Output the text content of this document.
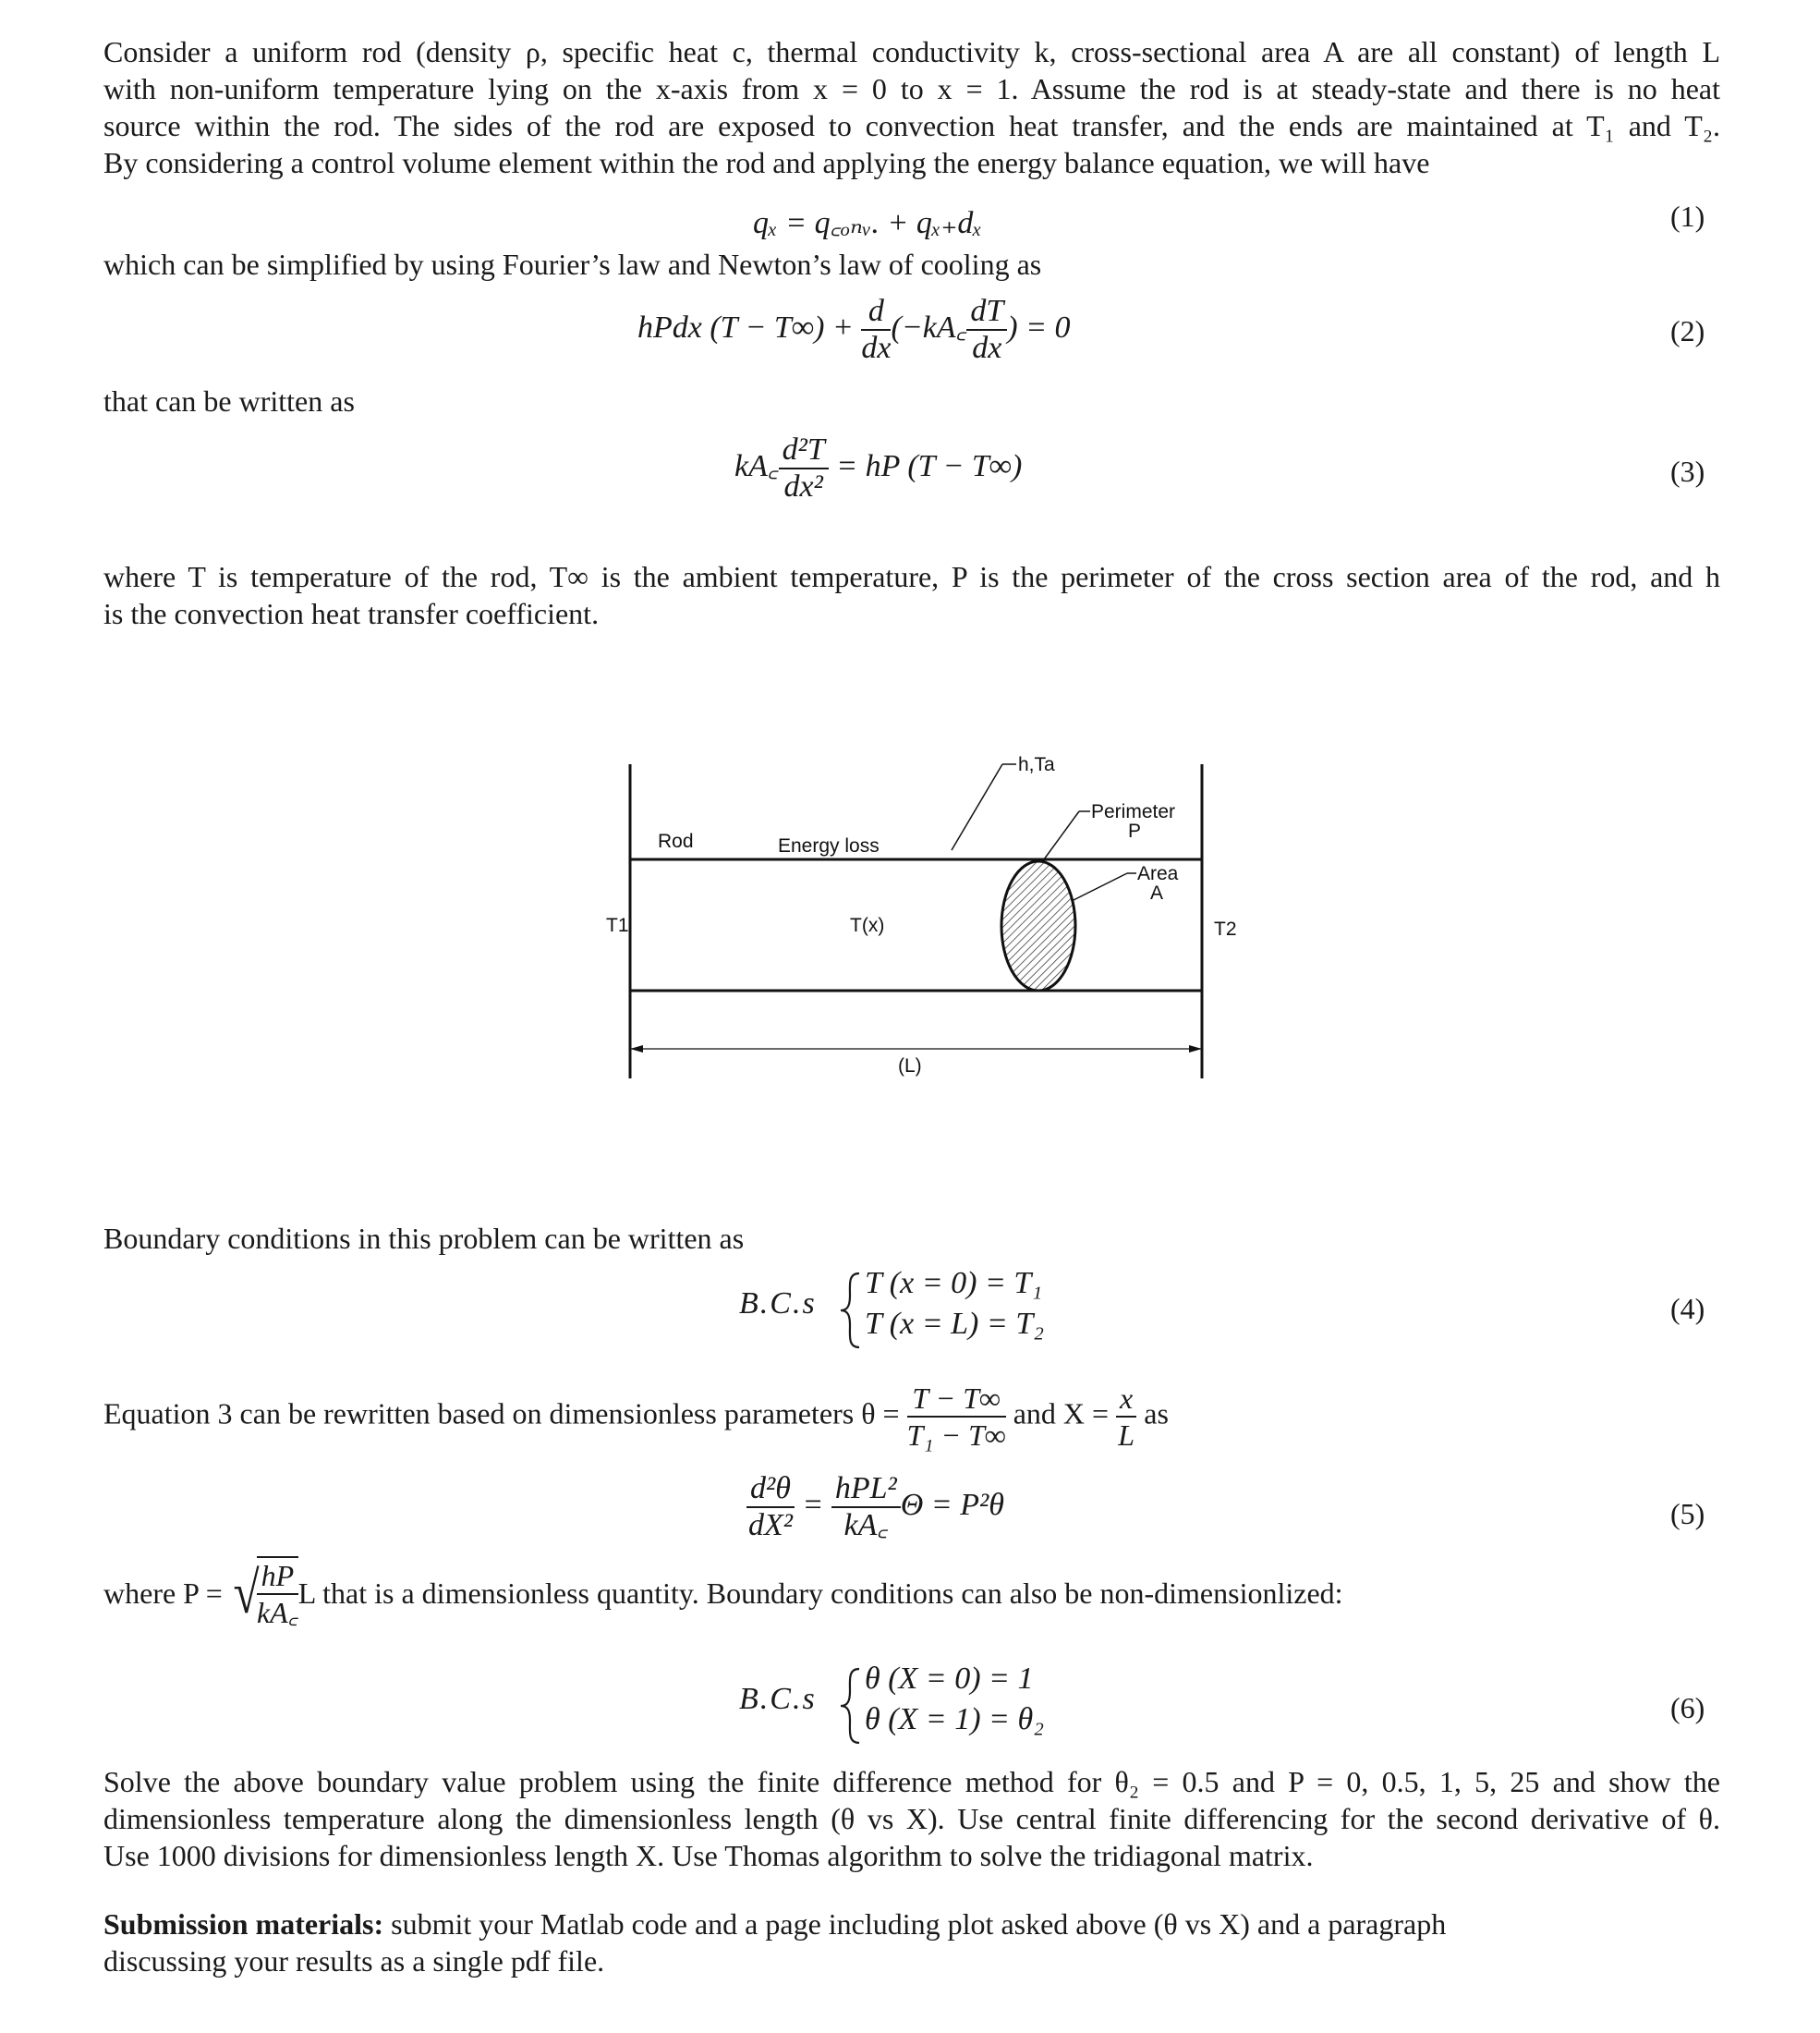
Consider a uniform rod (density ρ, specific heat c, thermal conductivity k, cross-sectional area A are all constant) of length L
with non-uniform temperature lying on the x-axis from x = 0 to x = 1. Assume the rod is at steady-state and there is no heat
source within the rod. The sides of the rod are exposed to convection heat transfer, and the ends are maintained at T₁ and T₂.
By considering a control volume element within the rod and applying the energy balance equation, we will have
qₓ = q꜀ₒₙᵥ. + qₓ₊dₓ	(1)
which can be simplified by using Fourier’s law and Newton’s law of cooling as
hPdx $(T - T\infty) + \frac{d}{dx}$ (−kA꜀ $\frac{dT}{dx}$ ) = 0	(2)
that can be written as
kA꜀ $\frac{\text{d²T}}{\text{dx²}}$ = hP (T − T∞)	(3)
where T is temperature of the rod, T∞ is the ambient temperature, P is the perimeter of the cross section area of the rod, and h
is the convection heat transfer coefficient.
h,Ta
Perimeter
P
Rod	Energy loss
Area
A
T1	T(x)	T2
(L)
Boundary conditions in this problem can be written as
B.C.s
T (x = 0) = T₁
T (x = L) = T₂	(4)
Equation 3 can be rewritten based on dimensionless parameters $\theta = \frac{T - T\infty}{\text{T₁ − T∞}}$ and $X = \frac{x}{L}$ as
$\frac{\text{d²θ}}{\text{dX²}} = \frac{\text{hPL²}}{kA꜀}$ Θ = P²θ	(5)
where P = √
$\frac{hP}{kA꜀}$ L that is a dimensionless quantity. Boundary conditions can also be non-dimensionlized:
B.C.s
θ (X = 0) = 1
θ (X = 1) = θ₂	(6)
Solve the above boundary value problem using the finite difference method for θ₂ = 0.5 and P = 0, 0.5, 1, 5, 25 and show the
dimensionless temperature along the dimensionless length (θ vs X). Use central finite differencing for the second derivative of θ.
Use 1000 divisions for dimensionless length X. Use Thomas algorithm to solve the tridiagonal matrix.
Submission materials: submit your Matlab code and a page including plot asked above (θ vs X) and a paragraph
discussing your results as a single pdf file.
